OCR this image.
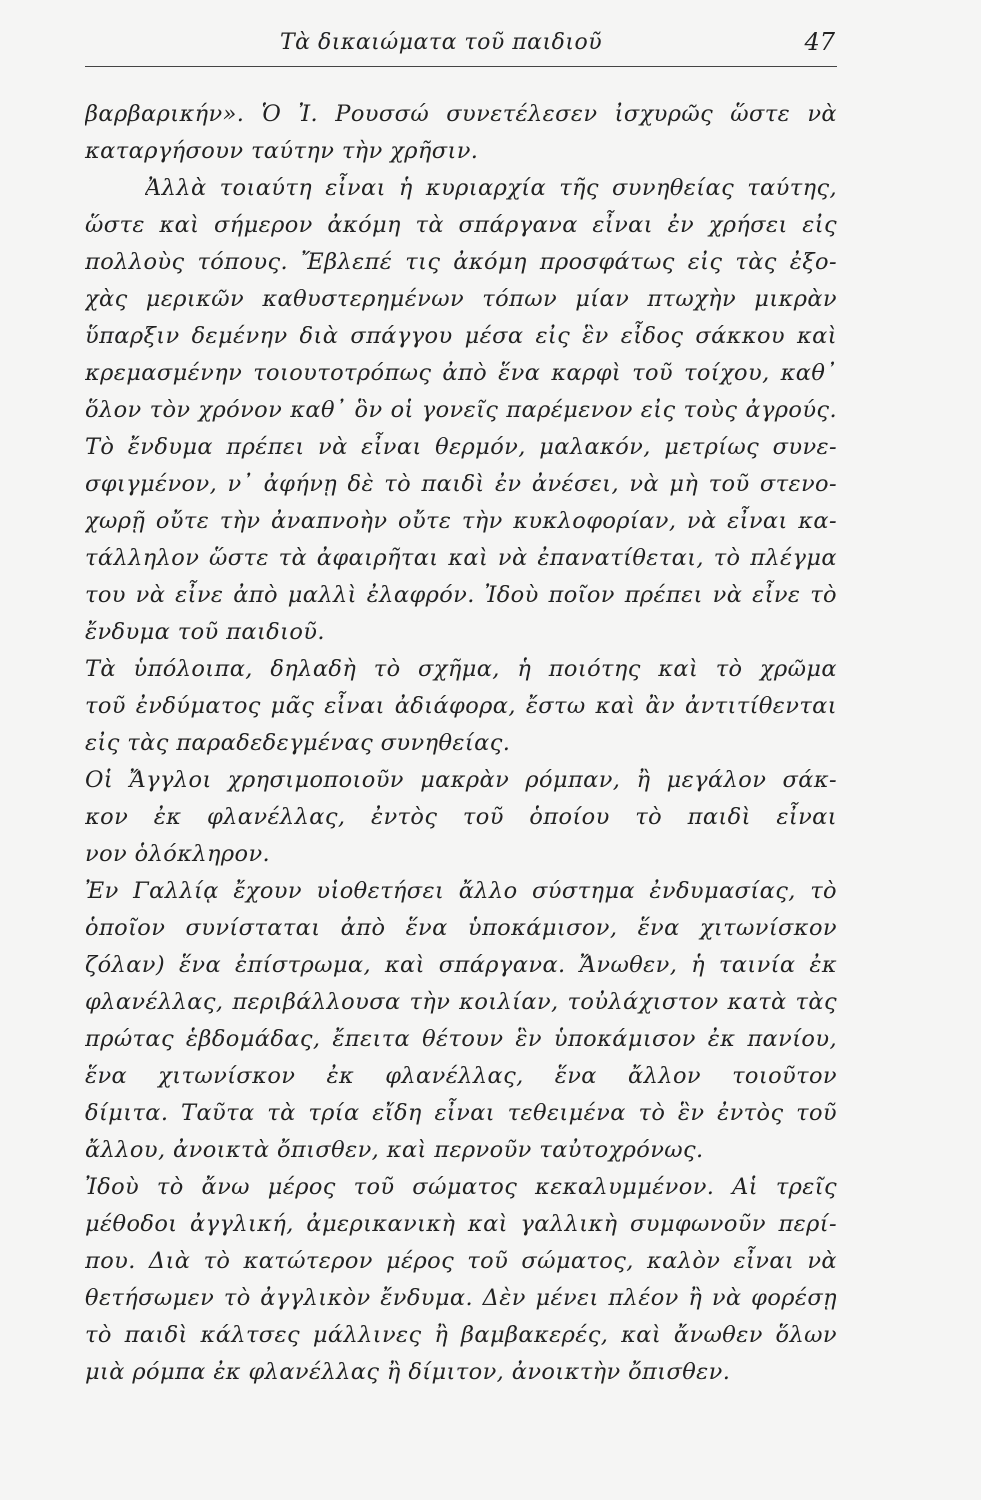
Τὰ δικαιώματα τοῦ παιδιοῦ	47
βαρβαρικήν». Ὁ Ἰ. Ρουσσώ συνετέλεσεν ἰσχυρῶς ὥστε νὰ
καταργήσουν ταύτην τὴν χρῆσιν.
Ἀλλὰ τοιαύτη εἶναι ἡ κυριαρχία τῆς συνηθείας ταύτης,
ὥστε καὶ σήμερον ἀκόμη τὰ σπάργανα εἶναι ἐν χρήσει εἰς
πολλοὺς τόπους. Ἔβλεπέ τις ἀκόμη προσφάτως εἰς τὰς ἐξο-
χὰς μερικῶν καθυστερημένων τόπων μίαν πτωχὴν μικρὰν
ὕπαρξιν δεμένην διὰ σπάγγου μέσα εἰς ἓν εἶδος σάκκου καὶ
κρεμασμένην τοιουτοτρόπως ἀπὸ ἕνα καρφὶ τοῦ τοίχου, καθ᾿
ὅλον τὸν χρόνον καθ᾿ ὃν οἱ γονεῖς παρέμενον εἰς τοὺς ἀγρούς.
Τὸ ἔνδυμα πρέπει νὰ εἶναι θερμόν, μαλακόν, μετρίως συνε-
σφιγμένον, ν᾿ ἀφήνῃ δὲ τὸ παιδὶ ἐν ἀνέσει, νὰ μὴ τοῦ στενο-
χωρῇ οὔτε τὴν ἀναπνοὴν οὔτε τὴν κυκλοφορίαν, νὰ εἶναι κα-
τάλληλον ὥστε τὰ ἀφαιρῆται καὶ νὰ ἐπανατίθεται, τὸ πλέγμα
του νὰ εἶνε ἀπὸ μαλλὶ ἐλαφρόν. Ἰδοὺ ποῖον πρέπει νὰ εἶνε τὸ
ἔνδυμα τοῦ παιδιοῦ.
Τὰ ὑπόλοιπα, δηλαδὴ τὸ σχῆμα, ἡ ποιότης καὶ τὸ χρῶμα
τοῦ ἐνδύματος μᾶς εἶναι ἀδιάφορα, ἔστω καὶ ἂν ἀντιτίθενται
εἰς τὰς παραδεδεγμένας συνηθείας.
Οἱ Ἄγγλοι χρησιμοποιοῦν μακρὰν ρόμπαν, ἢ μεγάλον σάκ-
κον ἐκ φλανέλλας, ἐντὸς τοῦ ὁποίου τὸ παιδὶ εἶναι
νον ὁλόκληρον.
Ἐν Γαλλίᾳ ἔχουν υἱοθετήσει ἄλλο σύστημα ἐνδυμασίας, τὸ
ὁποῖον συνίσταται ἀπὸ ἕνα ὑποκάμισον, ἕνα χιτωνίσκον
ζόλαν) ἕνα ἐπίστρωμα, καὶ σπάργανα. Ἄνωθεν, ἡ ταινία ἐκ
φλανέλλας, περιβάλλουσα τὴν κοιλίαν, τοὐλάχιστον κατὰ τὰς
πρώτας ἑβδομάδας, ἔπειτα θέτουν ἓν ὑποκάμισον ἐκ πανίου,
ἕνα χιτωνίσκον ἐκ φλανέλλας, ἕνα ἄλλον τοιοῦτον
δίμιτα. Ταῦτα τὰ τρία εἴδη εἶναι τεθειμένα τὸ ἓν ἐντὸς τοῦ
ἄλλου, ἀνοικτὰ ὄπισθεν, καὶ περνοῦν ταὐτοχρόνως.
Ἰδοὺ τὸ ἄνω μέρος τοῦ σώματος κεκαλυμμένον. Αἱ τρεῖς
μέθοδοι ἀγγλική, ἀμερικανικὴ καὶ γαλλικὴ συμφωνοῦν περί-
που. Διὰ τὸ κατώτερον μέρος τοῦ σώματος, καλὸν εἶναι νὰ
θετήσωμεν τὸ ἀγγλικὸν ἔνδυμα. Δὲν μένει πλέον ἢ νὰ φορέσῃ
τὸ παιδὶ κάλτσες μάλλινες ἢ βαμβακερές, καὶ ἄνωθεν ὅλων
μιὰ ρόμπα ἐκ φλανέλλας ἢ δίμιτον, ἀνοικτὴν ὄπισθεν.
